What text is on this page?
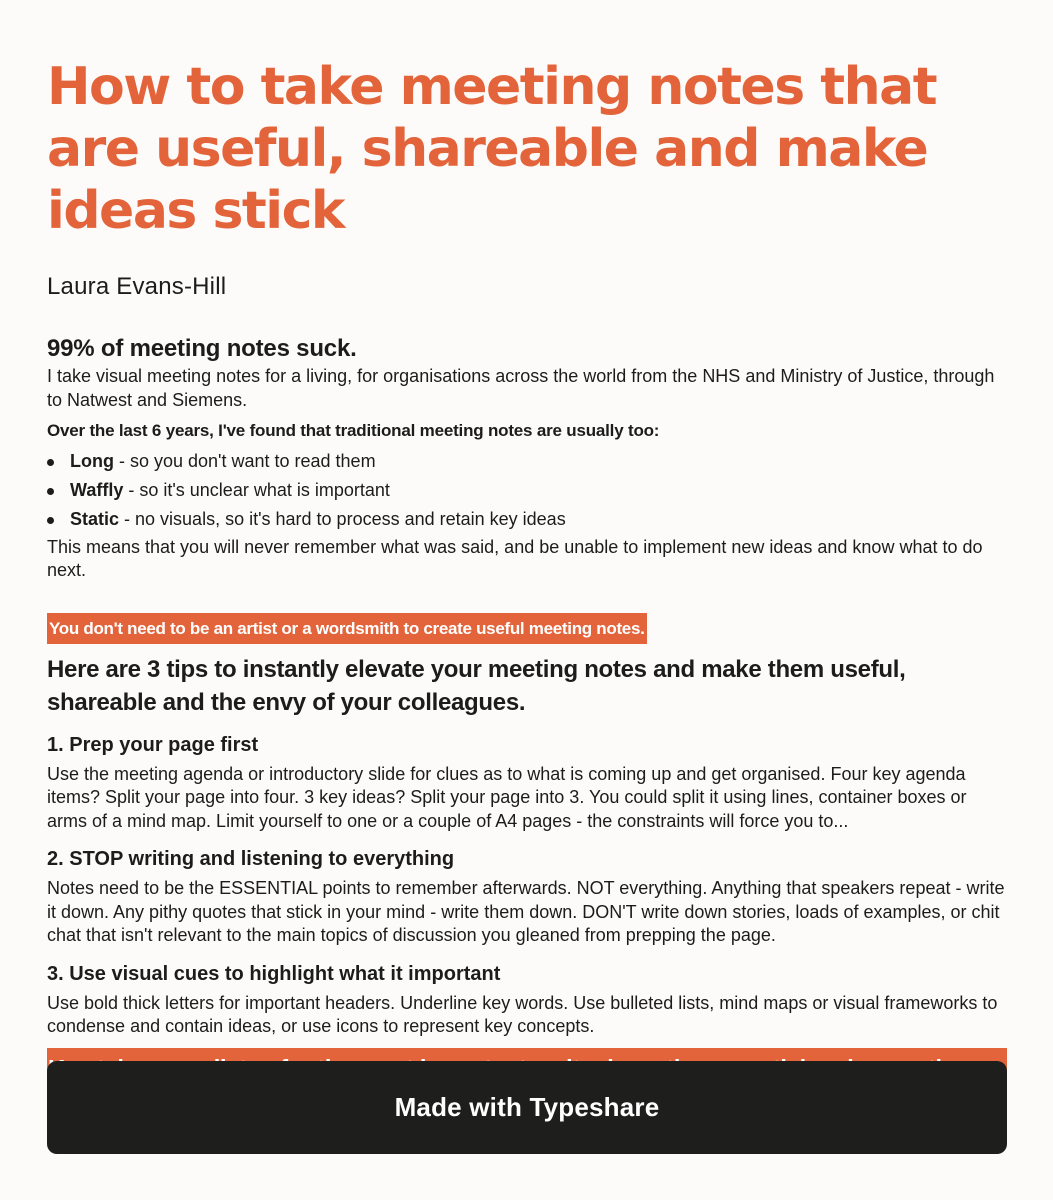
How to take meeting notes that are useful, shareable and make ideas stick
Laura Evans-Hill
99% of meeting notes suck.

I take visual meeting notes for a living, for organisations across the world from the NHS and Ministry of Justice, through to Natwest and Siemens.

Over the last 6 years, I've found that traditional meeting notes are usually too:

Long - so you don't want to read them
Waffly - so it's unclear what is important
Static - no visuals, so it's hard to process and retain key ideas

This means that you will never remember what was said, and be unable to implement new ideas and know what to do next.

You don't need to be an artist or a wordsmith to create useful meeting notes.
Here are 3 tips to instantly elevate your meeting notes and make them useful, shareable and the envy of your colleagues.
1. Prep your page first

Use the meeting agenda or introductory slide for clues as to what is coming up and get organised. Four key agenda items? Split your page into four. 3 key ideas? Split your page into 3. You could split it using lines, container boxes or arms of a mind map. Limit yourself to one or a couple of A4 pages - the constraints will force you to...

2. STOP writing and listening to everything

Notes need to be the ESSENTIAL points to remember afterwards. NOT everything. Anything that speakers repeat - write it down. Any pithy quotes that stick in your mind - write them down. DON'T write down stories, loads of examples, or chit chat that isn't relevant to the main topics of discussion you gleaned from prepping the page.

3. Use visual cues to highlight what it important

Use bold thick letters for important headers. Underline key words. Use bulleted lists, mind maps or visual frameworks to condense and contain ideas, or use icons to represent key concepts.

Made with Typeshare
